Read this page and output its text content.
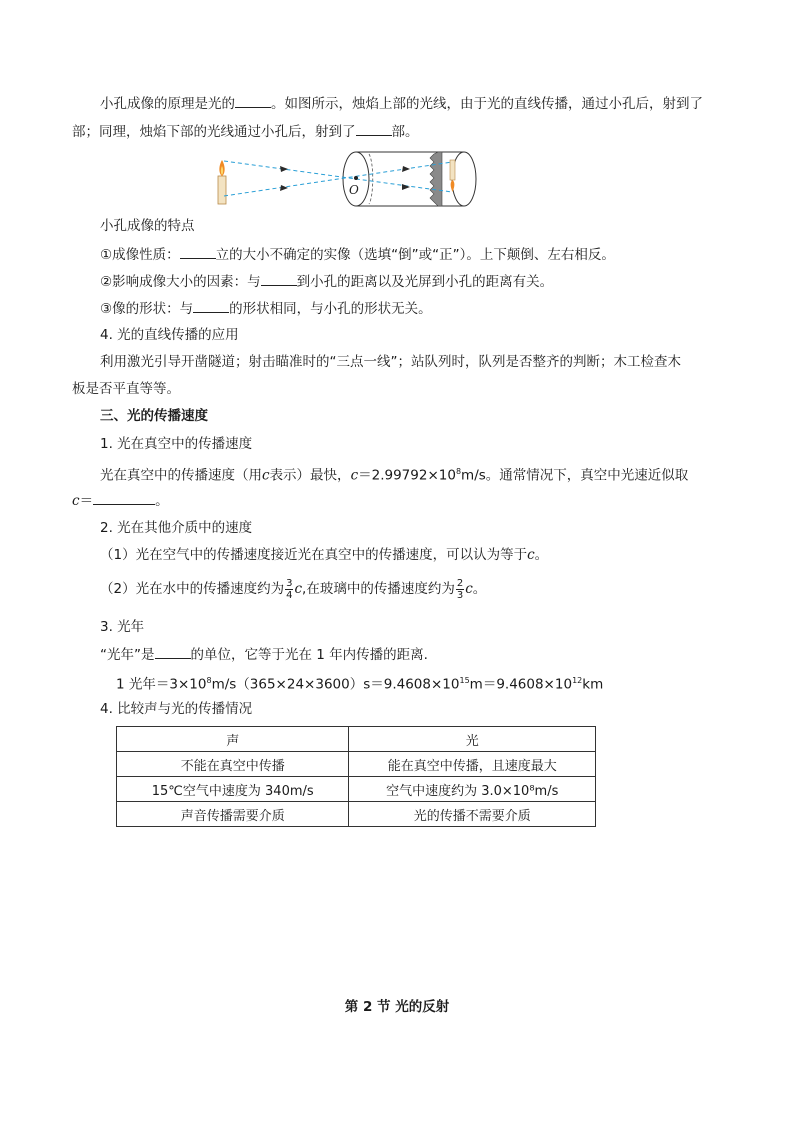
小孔成像的原理是光的	。如图所示，烛焰上部的光线，由于光的直线传播，通过小孔后，射到了
部；同理，烛焰下部的光线通过小孔后，射到了	部。
O
小孔成像的特点
①成像性质：	立的大小不确定的实像（选填“倒”或“正”）。上下颠倒、左右相反。
②影响成像大小的因素：与	到小孔的距离以及光屏到小孔的距离有关。
③像的形状：与	的形状相同，与小孔的形状无关。
4. 光的直线传播的应用
利用激光引导开凿隧道；射击瞄准时的“三点一线”；站队列时，队列是否整齐的判断；木工检查木
板是否平直等等。
三、光的传播速度
1. 光在真空中的传播速度
光在真空中的传播速度（用c表示）最快，$c=2.99792\times 10^8m/s$。通常情况下，真空中光速近似取
c＝	。
2. 光在其他介质中的速度
（1）光在空气中的传播速度接近光在真空中的传播速度，可以认为等于c。
（2）光在水中的传播速度约为 $\frac{3}{4} c$,在玻璃中的传播速度约为 $\frac{2}{3}$ c。
3. 光年
“光年”是	的单位，它等于光在 1 年内传播的距离.
1 光年$=3\times 10^8m/s(365\times 24\times 3600)s=9.4608\times 10^{15}m=9.4608\times 10^{12}km$
4. 比较声与光的传播情况
声	光
不能在真空中传播	能在真空中传播，且速度最大
15℃空气中速度为 340m/s	空气中速度约为 3.0×10⁸m/s
声音传播需要介质	光的传播不需要介质
第 2 节 光的反射
